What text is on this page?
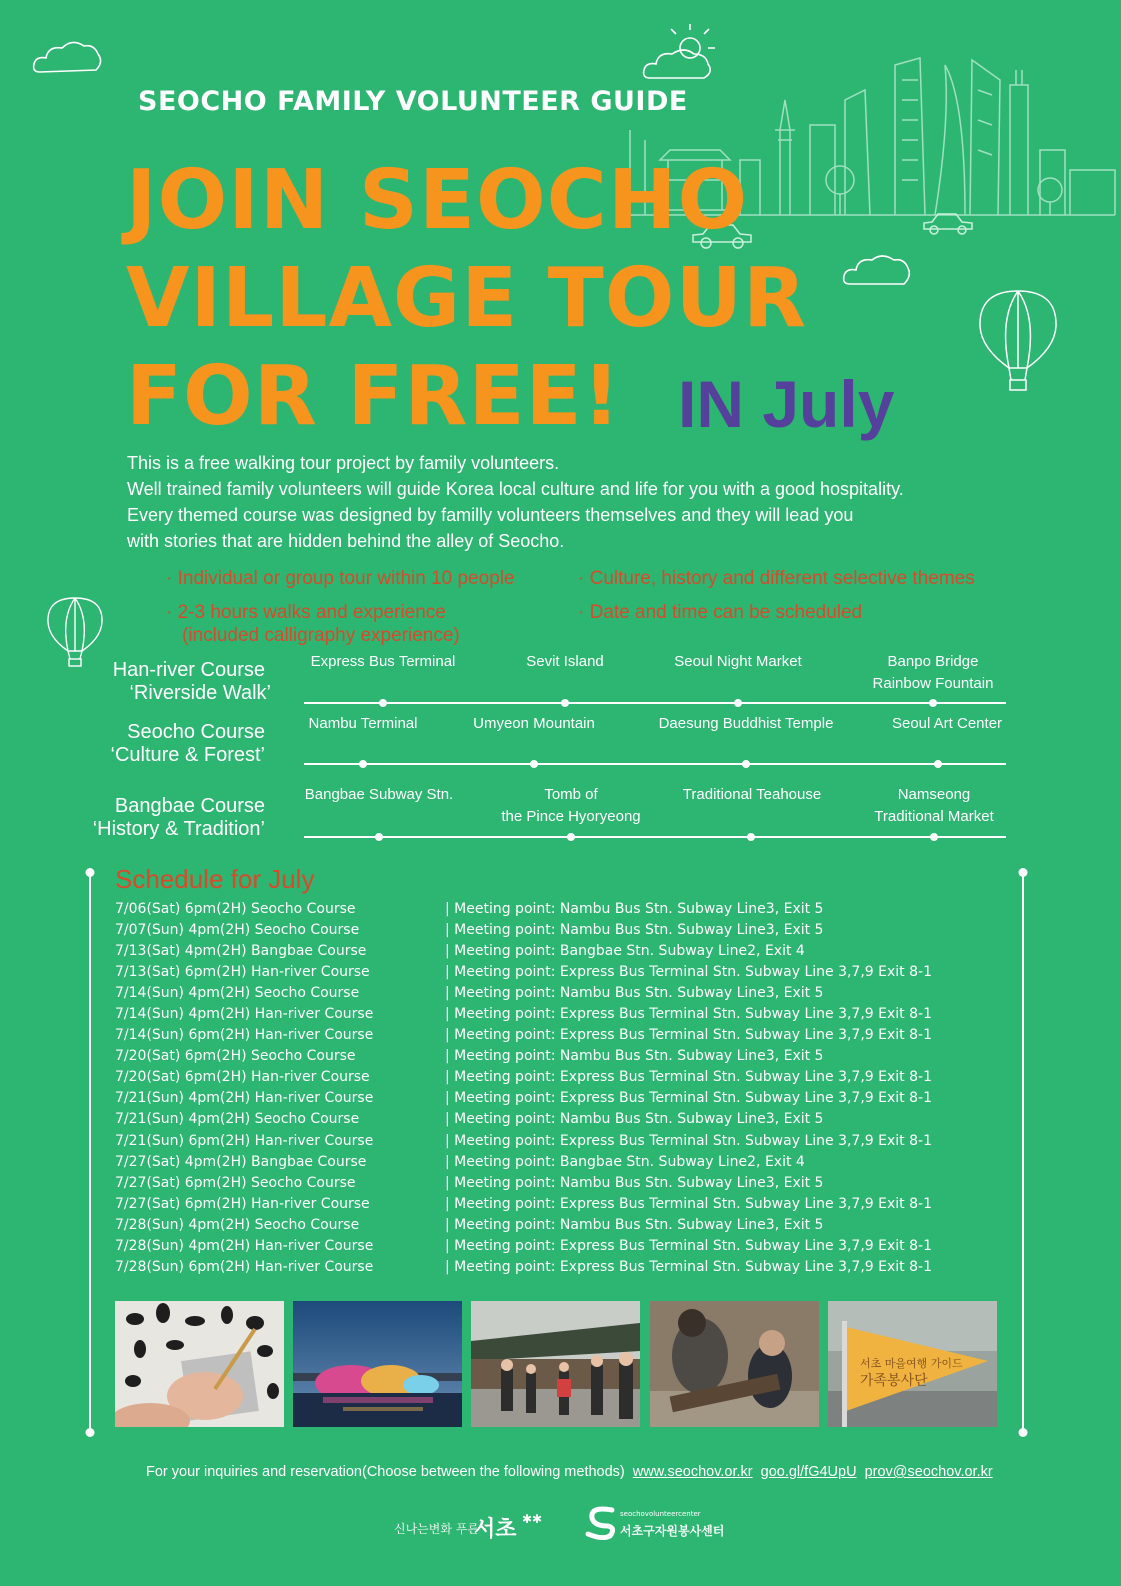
SEOCHO FAMILY VOLUNTEER GUIDE
JOIN SEOCHO
VILLAGE TOUR
FOR FREE! IN July
This is a free walking tour project by family volunteers.
Well trained family volunteers will guide Korea local culture and life for you with a good hospitality.
Every themed course was designed by familly volunteers themselves and they will lead you
with stories that are hidden behind the alley of Seocho.
· Individual or group tour within 10 people	· Culture, history and different selective themes
· 2-3 hours walks and experience
(included calligraphy experience)
· Date and time can be scheduled
Han-river Course
‘Riverside Walk’
Express Bus Terminal	Sevit Island	Seoul Night Market	Banpo Bridge
Rainbow Fountain
Seocho Course
‘Culture & Forest’
Nambu Terminal	Umyeon Mountain	Daesung Buddhist Temple	Seoul Art Center
Bangbae Course
‘History & Tradition’
Bangbae Subway Stn.	Tomb of
the Pince Hyoryeong
Traditional Teahouse	Namseong
Traditional Market
Schedule for July
7/06(Sat) 6pm(2H) Seocho Course	| Meeting point: Nambu Bus Stn. Subway Line3, Exit 5
7/07(Sun) 4pm(2H) Seocho Course	| Meeting point: Nambu Bus Stn. Subway Line3, Exit 5
7/13(Sat) 4pm(2H) Bangbae Course	| Meeting point: Bangbae Stn. Subway Line2, Exit 4
7/13(Sat) 6pm(2H) Han-river Course	| Meeting point: Express Bus Terminal Stn. Subway Line 3,7,9 Exit 8-1
7/14(Sun) 4pm(2H) Seocho Course	| Meeting point: Nambu Bus Stn. Subway Line3, Exit 5
7/14(Sun) 4pm(2H) Han-river Course	| Meeting point: Express Bus Terminal Stn. Subway Line 3,7,9 Exit 8-1
7/14(Sun) 6pm(2H) Han-river Course	| Meeting point: Express Bus Terminal Stn. Subway Line 3,7,9 Exit 8-1
7/20(Sat) 6pm(2H) Seocho Course	| Meeting point: Nambu Bus Stn. Subway Line3, Exit 5
7/20(Sat) 6pm(2H) Han-river Course	| Meeting point: Express Bus Terminal Stn. Subway Line 3,7,9 Exit 8-1
7/21(Sun) 4pm(2H) Han-river Course	| Meeting point: Express Bus Terminal Stn. Subway Line 3,7,9 Exit 8-1
7/21(Sun) 4pm(2H) Seocho Course	| Meeting point: Nambu Bus Stn. Subway Line3, Exit 5
7/21(Sun) 6pm(2H) Han-river Course	| Meeting point: Express Bus Terminal Stn. Subway Line 3,7,9 Exit 8-1
7/27(Sat) 4pm(2H) Bangbae Course	| Meeting point: Bangbae Stn. Subway Line2, Exit 4
7/27(Sat) 6pm(2H) Seocho Course	| Meeting point: Nambu Bus Stn. Subway Line3, Exit 5
7/27(Sat) 6pm(2H) Han-river Course	| Meeting point: Express Bus Terminal Stn. Subway Line 3,7,9 Exit 8-1
7/28(Sun) 4pm(2H) Seocho Course	| Meeting point: Nambu Bus Stn. Subway Line3, Exit 5
7/28(Sun) 4pm(2H) Han-river Course	| Meeting point: Express Bus Terminal Stn. Subway Line 3,7,9 Exit 8-1
7/28(Sun) 6pm(2H) Han-river Course	| Meeting point: Express Bus Terminal Stn. Subway Line 3,7,9 Exit 8-1
서초 마을여행 가이드
가족봉사단
For your inquiries and reservation(Choose between the following methods) www.seochov.or.kr goo.gl/fG4UpU prov@seochov.or.kr
신나는변화 푸른
서초 ✱✱	seochovolunteercenter
서초구자원봉사센터
